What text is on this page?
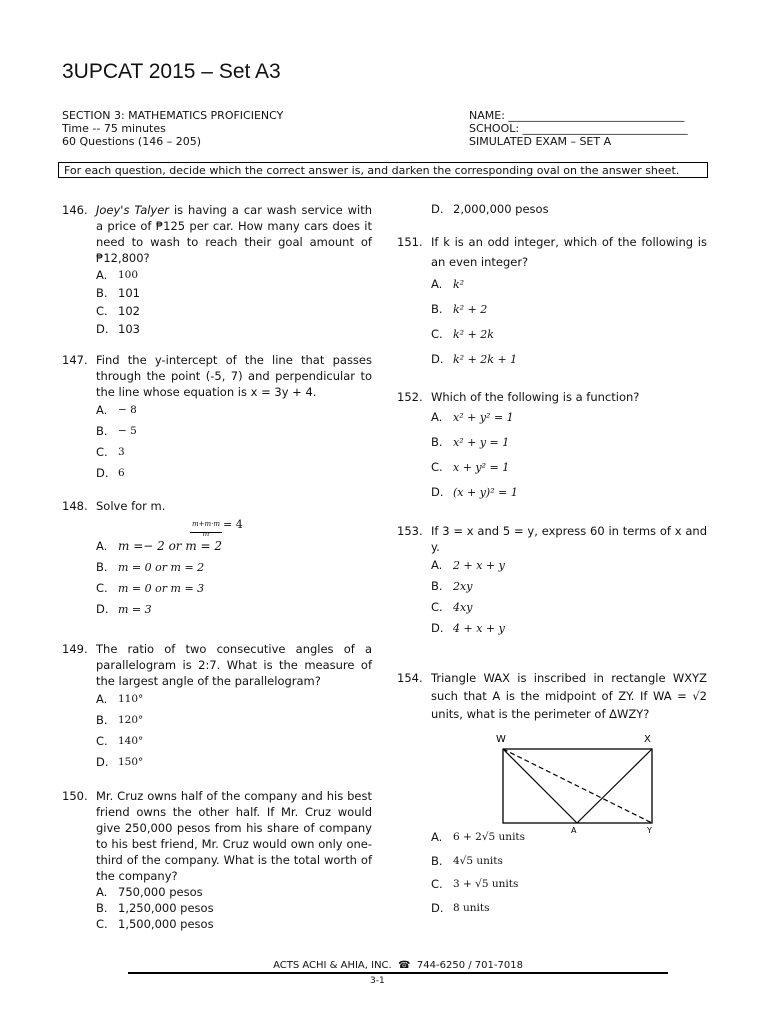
3UPCAT 2015 – Set A3
SECTION 3: MATHEMATICS PROFICIENCY
Time -- 75 minutes
60 Questions (146 – 205)
NAME: ________________________________
SCHOOL: ______________________________
SIMULATED EXAM – SET A
For each question, decide which the correct answer is, and darken the corresponding oval on the answer sheet.
146. Joey's Talyer is having a car wash service with a price of ₱125 per car. How many cars does it need to wash to reach their goal amount of ₱12,800?
A.	100
B. 101
C. 102
D. 103
147. Find the y-intercept of the line that passes through the point (-5, 7) and perpendicular to the line whose equation is x = 3y + 4.
A.	− 8
B. − 5
C. 3
D. 6
148. Solve for m.
m+m·m
m
= 4
A. m =− 2 or m = 2
B. m = 0 or m = 2
C. m = 0 or m = 3
D. m = 3
149. The ratio of two consecutive angles of a parallelogram is 2:7. What is the measure of the largest angle of the parallelogram?
A.	110°
B. 120°
C. 140°
D. 150°
150. Mr. Cruz owns half of the company and his best friend owns the other half. If Mr. Cruz would give 250,000 pesos from his share of company to his best friend, Mr. Cruz would own only one-third of the company. What is the total worth of the company?
A. 750,000 pesos
B. 1,250,000 pesos
C. 1,500,000 pesos
D. 2,000,000 pesos
151. If k is an odd integer, which of the following is an even integer?
A. k²
B. k² + 2
C. k² + 2k
D. k² + 2k + 1
152. Which of the following is a function?
A. x² + y² = 1
B. x² + y = 1
C. x + y² = 1
D. (x + y)² = 1
153. If 3 = x and 5 = y, express 60 in terms of x and y.
A. 2 + x + y
B. 2xy
C. 4xy
D. 4 + x + y
154. Triangle WAX is inscribed in rectangle WXYZ such that A is the midpoint of ZY. If WA = √2 units, what is the perimeter of ΔWZY?
W	X
A	Y
A.	6 + 2√5 units
B. 4√5 units
C. 3 + √5 units
D. 8 units
ACTS ACHI & AHIA, INC.  ☎  744-6250 / 701-7018
3-1
